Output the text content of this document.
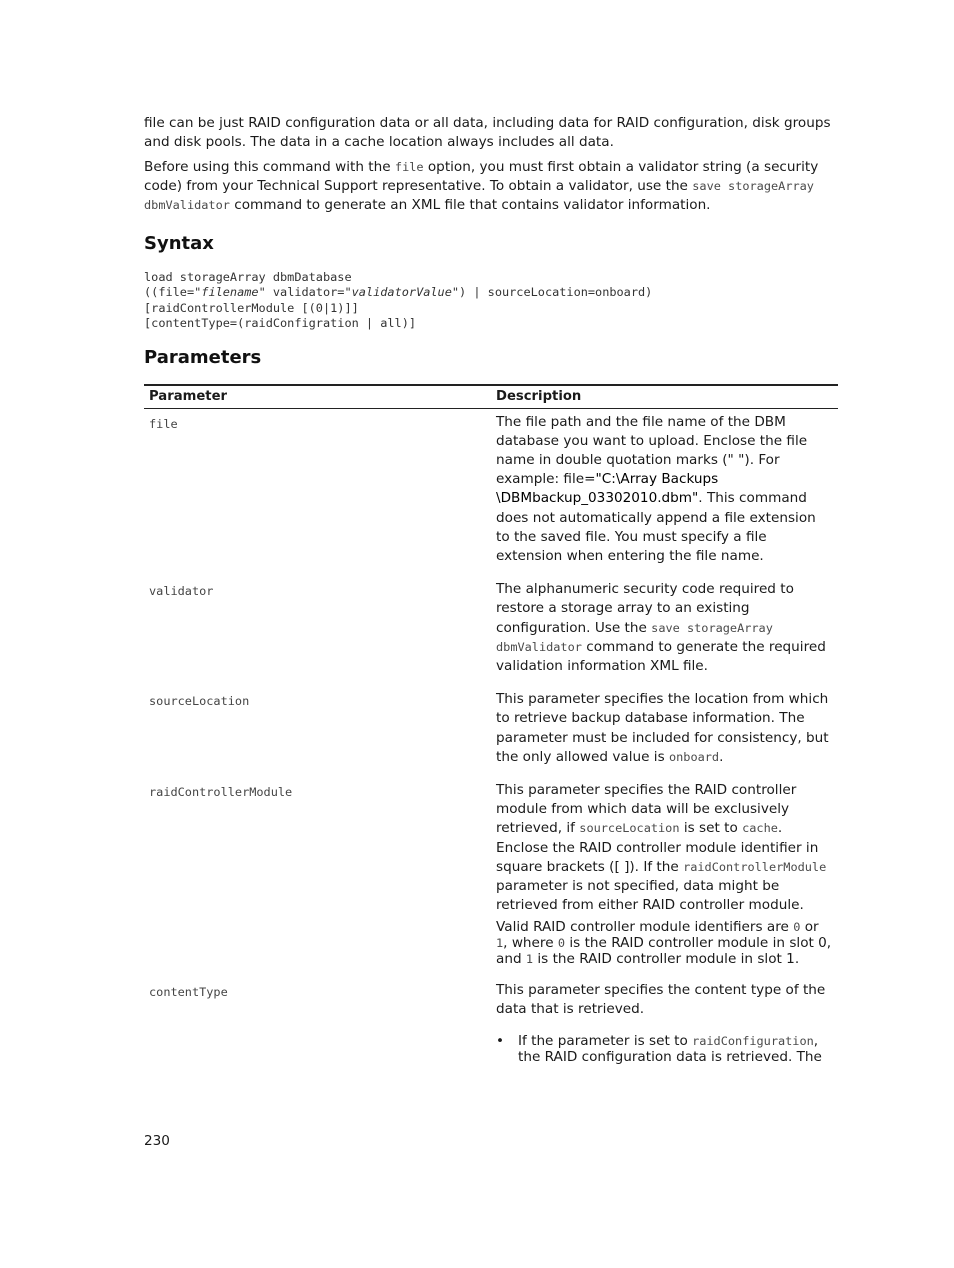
file can be just RAID configuration data or all data, including data for RAID configuration, disk groups and disk pools. The data in a cache location always includes all data.

Before using this command with the file option, you must first obtain a validator string (a security code) from your Technical Support representative. To obtain a validator, use the save storageArray dbmValidator command to generate an XML file that contains validator information.

Syntax
load storageArray dbmDatabase
((file="filename" validator="validatorValue") | sourceLocation=onboard)
[raidControllerModule [(0|1)]]
[contentType=(raidConfigration | all)]
Parameters
Parameter	Description
file	The file path and the file name of the DBM database you want to upload. Enclose the file name in double quotation marks (" "). For example: file="C:\Array Backups \DBMbackup_03302010.dbm". This command does not automatically append a file extension to the saved file. You must specify a file extension when entering the file name.

validator	The alphanumeric security code required to restore a storage array to an existing configuration. Use the save storageArray dbmValidator command to generate the required validation information XML file.

sourceLocation	This parameter specifies the location from which to retrieve backup database information. The parameter must be included for consistency, but the only allowed value is onboard.

raidControllerModule	This parameter specifies the RAID controller module from which data will be exclusively retrieved, if sourceLocation is set to cache. Enclose the RAID controller module identifier in square brackets ([ ]). If the raidControllerModule parameter is not specified, data might be retrieved from either RAID controller module.

Valid RAID controller module identifiers are 0 or 1, where 0 is the RAID controller module in slot 0, and 1 is the RAID controller module in slot 1.

contentType	This parameter specifies the content type of the data that is retrieved.

• If the parameter is set to raidConfiguration, the RAID configuration data is retrieved. The
230
